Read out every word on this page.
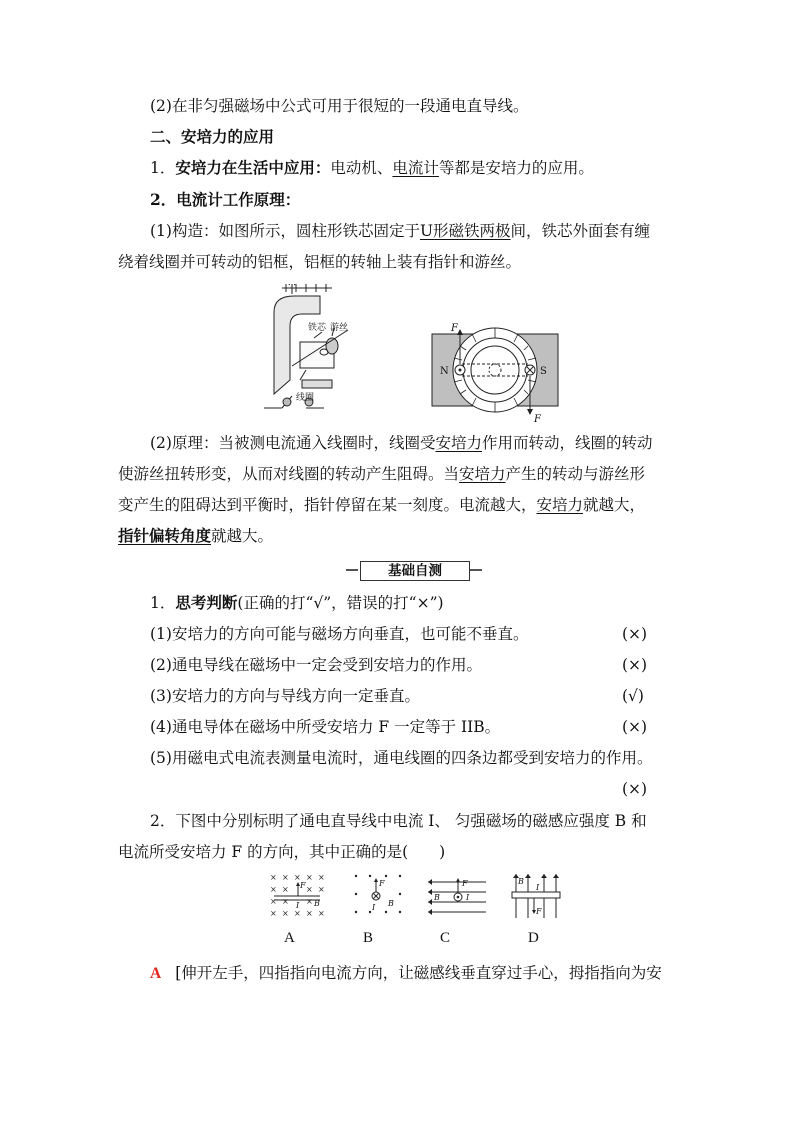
(2)在非匀强磁场中公式可用于很短的一段通电直导线。
二、安培力的应用
1．安培力在生活中应用：电动机、电流计等都是安培力的应用。
2．电流计工作原理：
(1)构造：如图所示，圆柱形铁芯固定于U形磁铁两极间，铁芯外面套有缠
绕着线圈并可转动的铝框，铝框的转轴上装有指针和游丝。
铁芯 游丝
线圈
N	S
F
F
(2)原理：当被测电流通入线圈时，线圈受安培力作用而转动，线圈的转动
使游丝扭转形变，从而对线圈的转动产生阻碍。当安培力产生的转动与游丝形
变产生的阻碍达到平衡时，指针停留在某一刻度。电流越大，安培力就越大，
指针偏转角度就越大。
基础自测
1．思考判断(正确的打“√”，错误的打“×”)
(1)安培力的方向可能与磁场方向垂直，也可能不垂直。	(×)
(2)通电导线在磁场中一定会受到安培力的作用。	(×)
(3)安培力的方向与导线方向一定垂直。	(√)
(4)通电导体在磁场中所受安培力 F 一定等于 IIB。	(×)
(5)用磁电式电流表测量电流时，通电线圈的四条边都受到安培力的作用。
(×)
2．下图中分别标明了通电直导线中电流 I、 匀强磁场的磁感应强度 B 和
电流所受安培力 F 的方向，其中正确的是(　　)
× × × × ×
× × × ×
× × ×
× × × × ×
F
I B
F
I B
F
B	I
B
I
F
A	B	C	D
A [伸开左手，四指指向电流方向，让磁感线垂直穿过手心，拇指指向为安
